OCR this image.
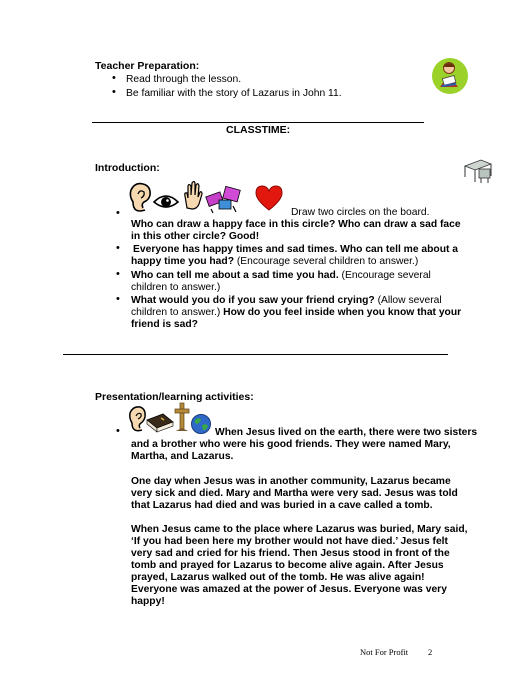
Teacher Preparation:
• Read through the lesson.
• Be familiar with the story of Lazarus in John 11.
CLASSTIME:
Introduction:
•	Draw two circles on the board.
Who can draw a happy face in this circle? Who can draw a sad face
in this other circle? Good!
• Everyone has happy times and sad times. Who can tell me about a
happy time you had? (Encourage several children to answer.)
• Who can tell me about a sad time you had. (Encourage several
children to answer.)
• What would you do if you saw your friend crying? (Allow several
children to answer.) How do you feel inside when you know that your
friend is sad?
Presentation/learning activities:
•	When Jesus lived on the earth, there were two sisters
and a brother who were his good friends. They were named Mary,
Martha, and Lazarus.
One day when Jesus was in another community, Lazarus became
very sick and died. Mary and Martha were very sad. Jesus was told
that Lazarus had died and was buried in a cave called a tomb.
When Jesus came to the place where Lazarus was buried, Mary said,
‘If you had been here my brother would not have died.’ Jesus felt
very sad and cried for his friend. Then Jesus stood in front of the
tomb and prayed for Lazarus to become alive again. After Jesus
prayed, Lazarus walked out of the tomb. He was alive again!
Everyone was amazed at the power of Jesus. Everyone was very
happy!
Not For Profit 2
